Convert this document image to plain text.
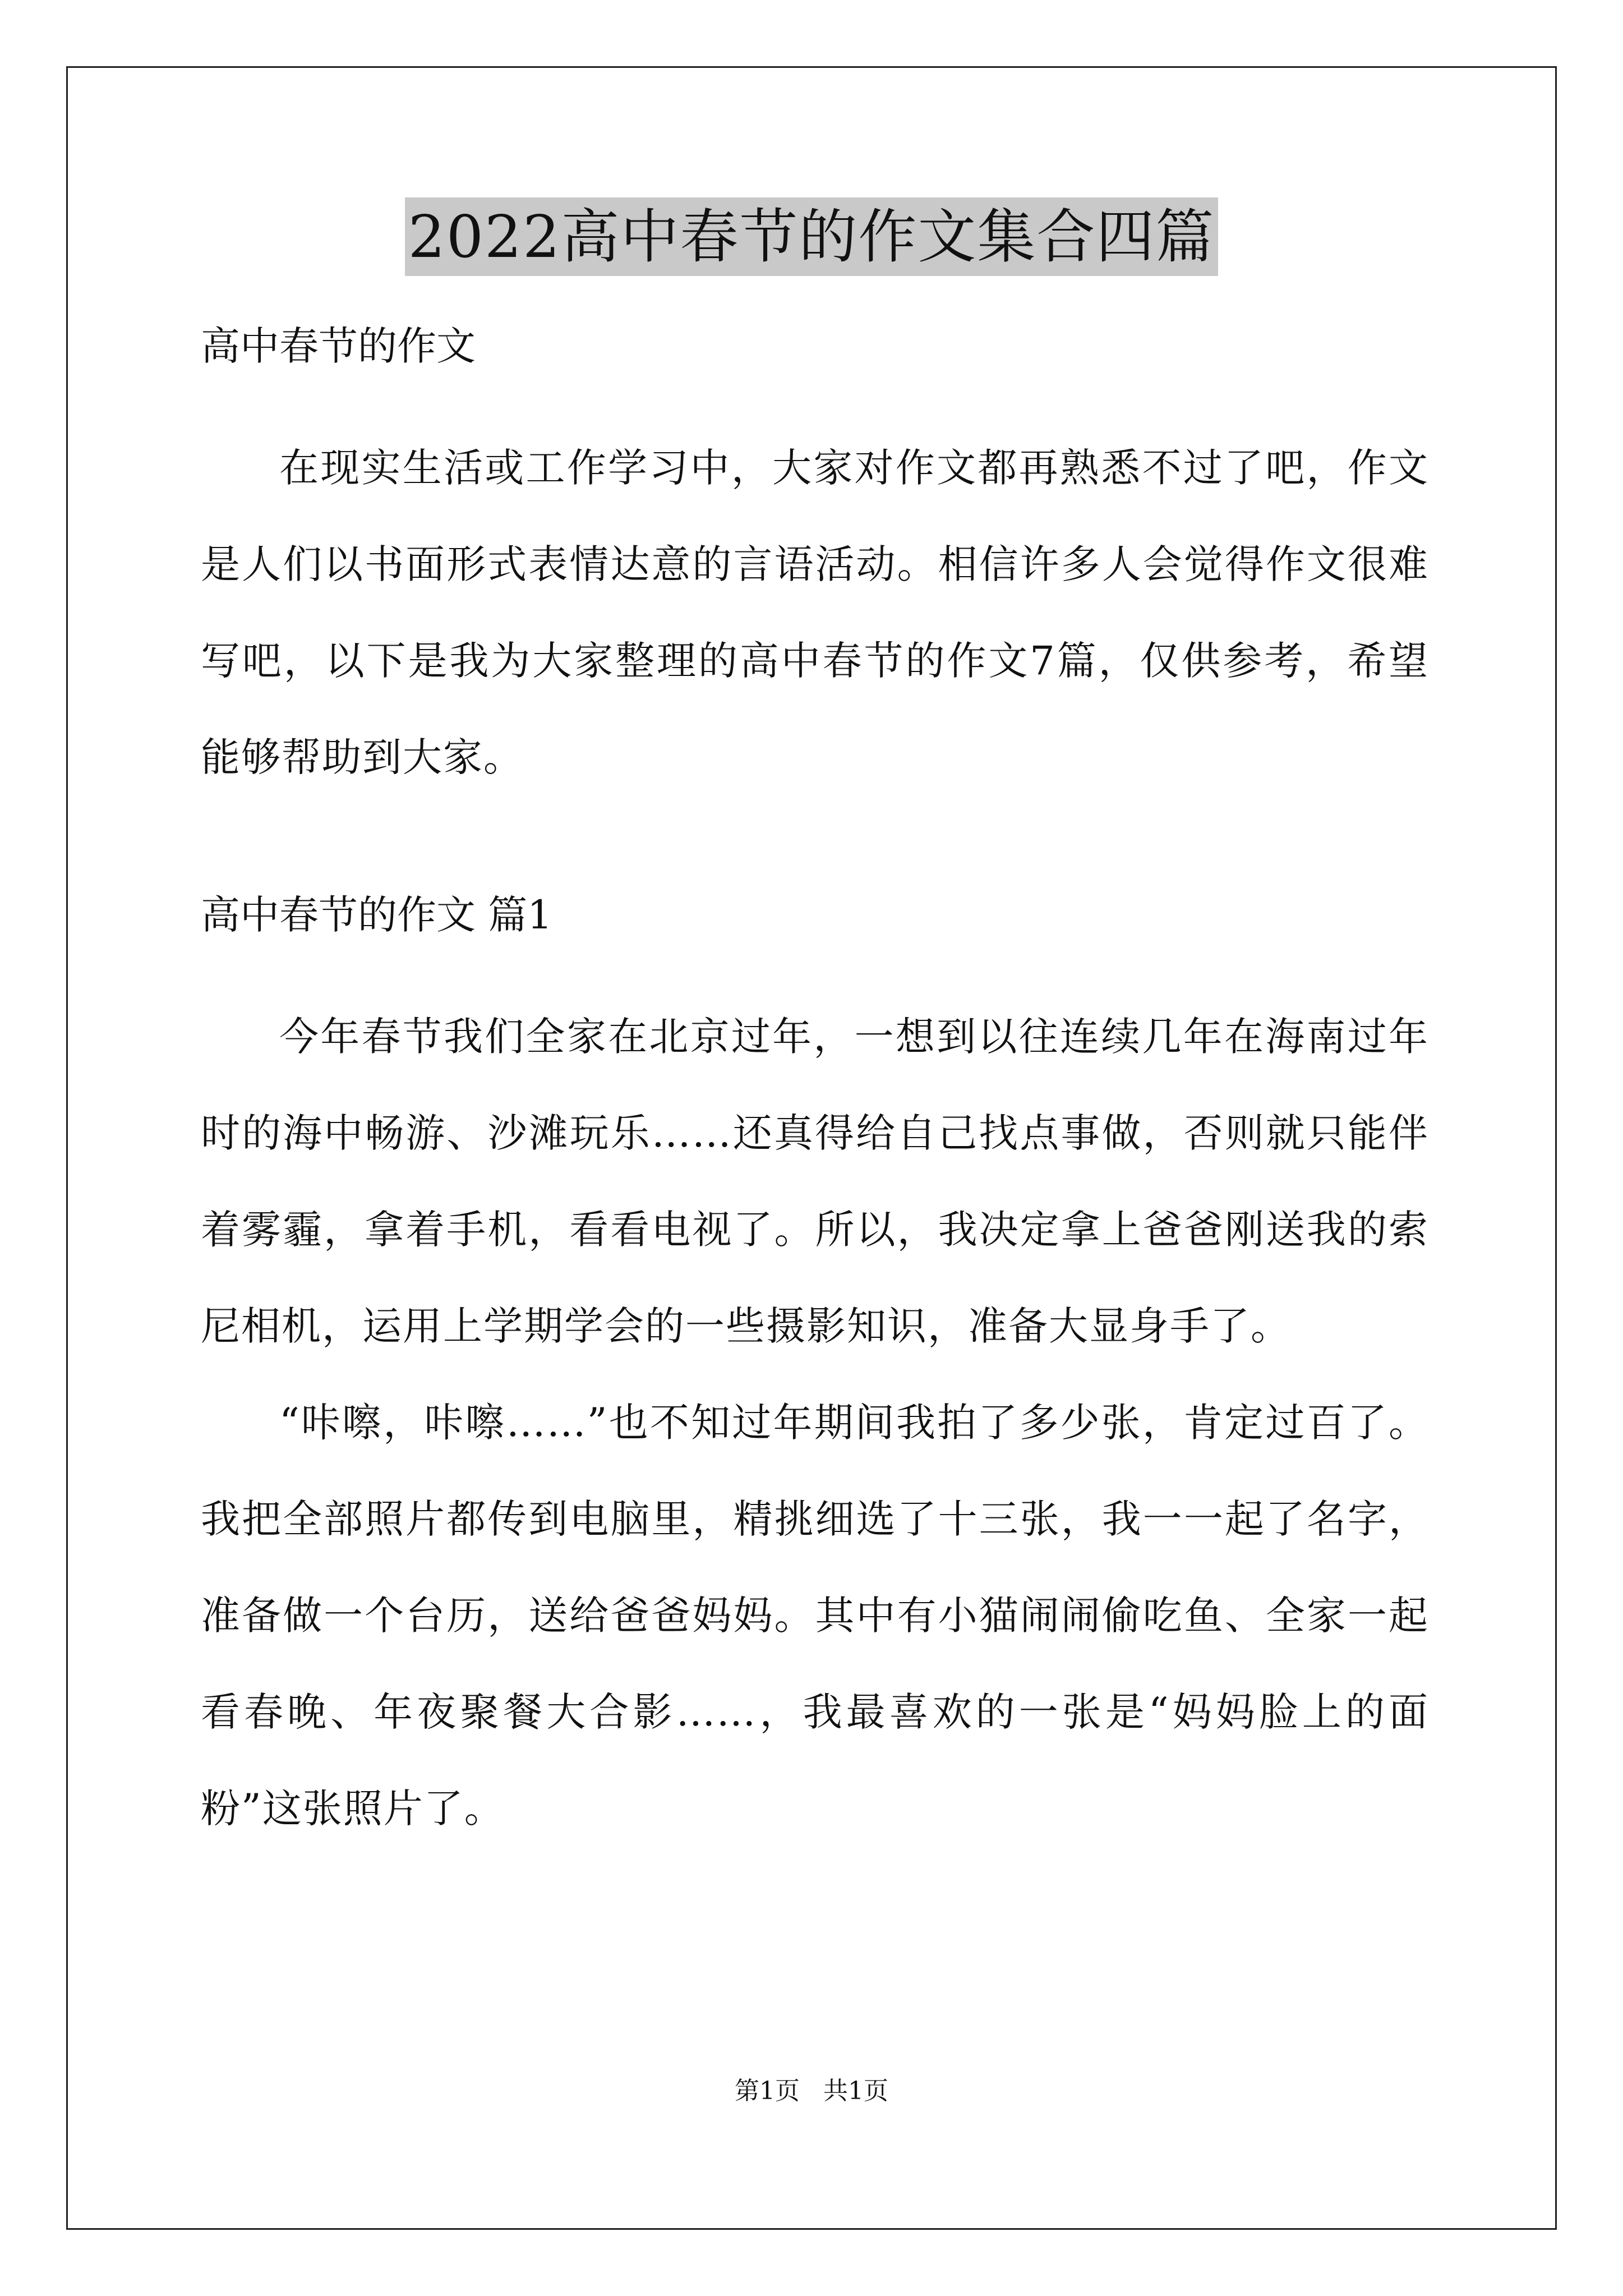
2022高中春节的作文集合四篇

高中春节的作文

在现实生活或工作学习中，大家对作文都再熟悉不过了吧，作文是人们以书面形式表情达意的言语活动。相信许多人会觉得作文很难写吧，以下是我为大家整理的高中春节的作文7篇，仅供参考，希望能够帮助到大家。

高中春节的作文 篇1

今年春节我们全家在北京过年，一想到以往连续几年在海南过年时的海中畅游、沙滩玩乐……还真得给自己找点事做，否则就只能伴着雾霾，拿着手机，看看电视了。所以，我决定拿上爸爸刚送我的索尼相机，运用上学期学会的一些摄影知识，准备大显身手了。

“咔嚓，咔嚓……”也不知过年期间我拍了多少张，肯定过百了。我把全部照片都传到电脑里，精挑细选了十三张，我一一起了名字，准备做一个台历，送给爸爸妈妈。其中有小猫闹闹偷吃鱼、全家一起看春晚、年夜聚餐大合影……，我最喜欢的一张是“妈妈脸上的面粉”这张照片了。

第1页 共1页
